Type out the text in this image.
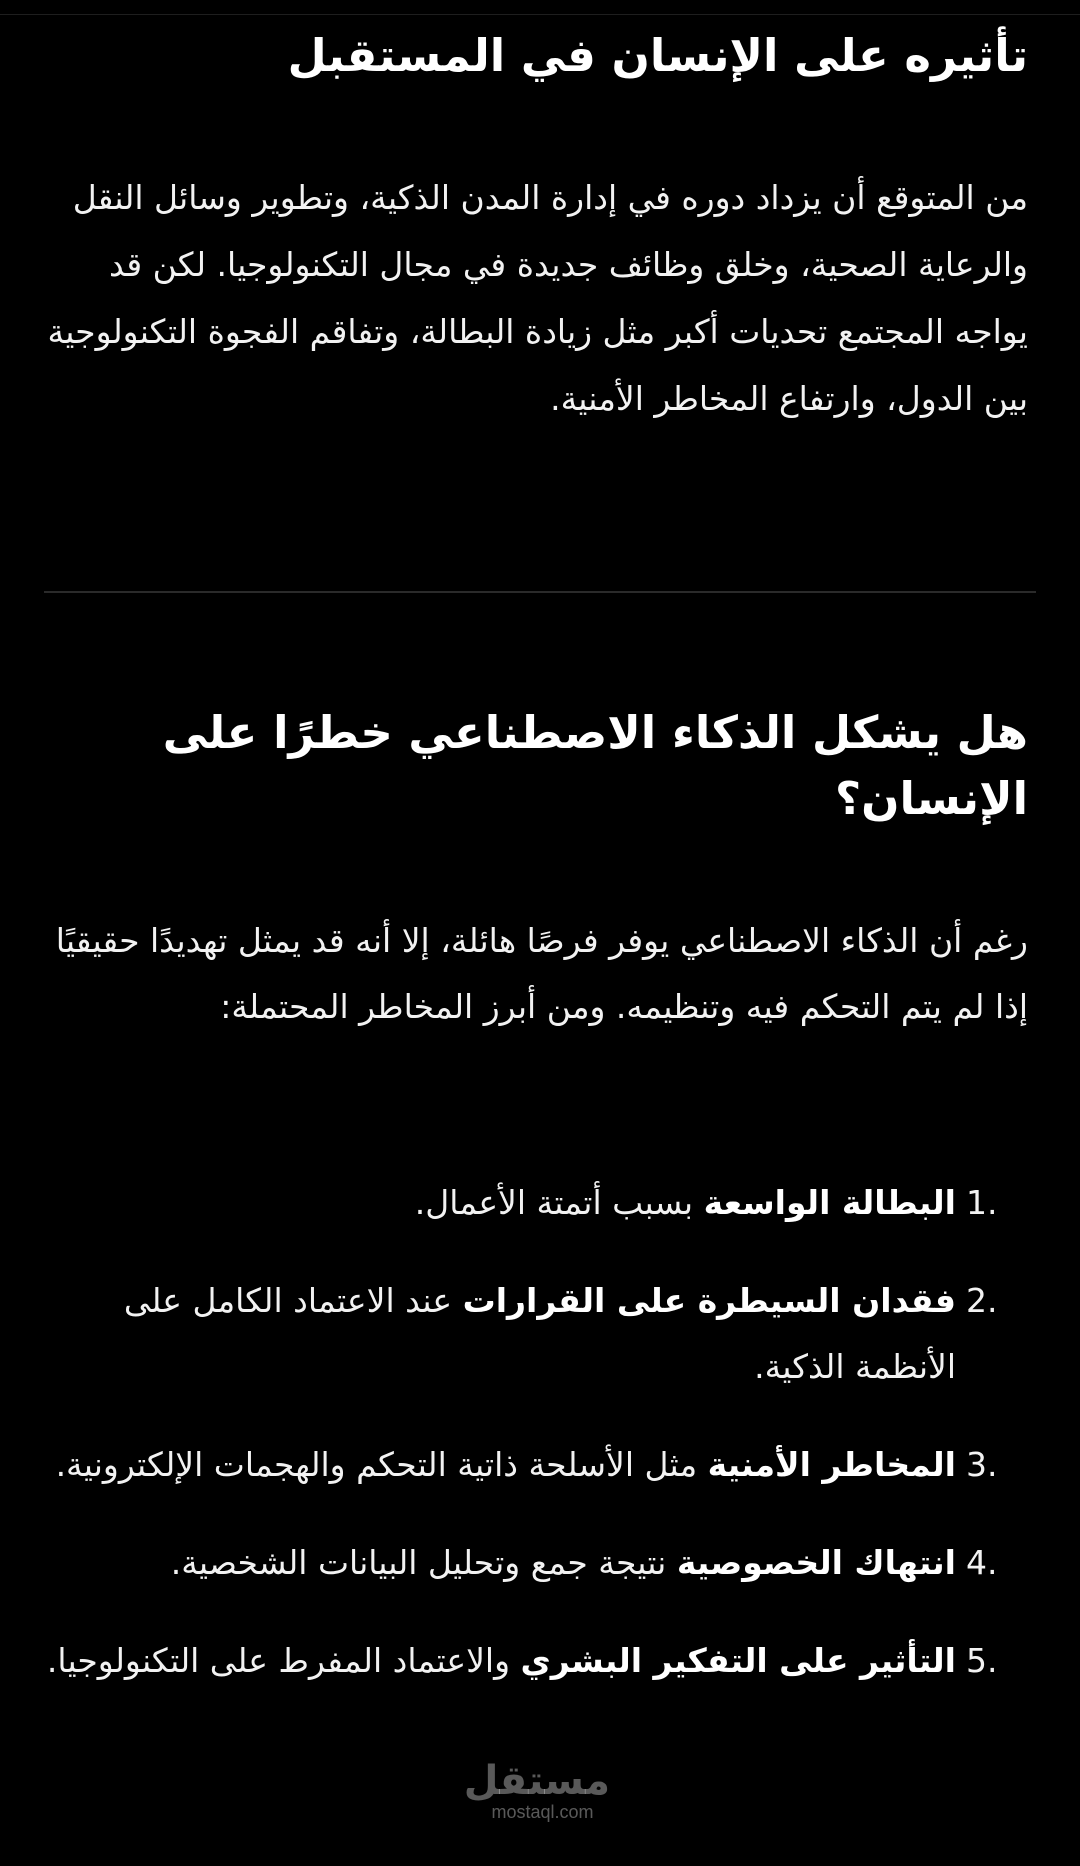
تأثيره على الإنسان في المستقبل

من المتوقع أن يزداد دوره في إدارة المدن الذكية، وتطوير وسائل النقل والرعاية الصحية، وخلق وظائف جديدة في مجال التكنولوجيا. لكن قد يواجه المجتمع تحديات أكبر مثل زيادة البطالة، وتفاقم الفجوة التكنولوجية بين الدول، وارتفاع المخاطر الأمنية.

هل يشكل الذكاء الاصطناعي خطرًا على الإنسان؟

رغم أن الذكاء الاصطناعي يوفر فرصًا هائلة، إلا أنه قد يمثل تهديدًا حقيقيًا إذا لم يتم التحكم فيه وتنظيمه. ومن أبرز المخاطر المحتملة:

1.
البطالة الواسعة بسبب أتمتة الأعمال.
2.
فقدان السيطرة على القرارات عند الاعتماد الكامل على الأنظمة الذكية.
3.
المخاطر الأمنية مثل الأسلحة ذاتية التحكم والهجمات الإلكترونية.
4.
انتهاك الخصوصية نتيجة جمع وتحليل البيانات الشخصية.
5.
التأثير على التفكير البشري والاعتماد المفرط على التكنولوجيا.
مستقل
mostaql.com
